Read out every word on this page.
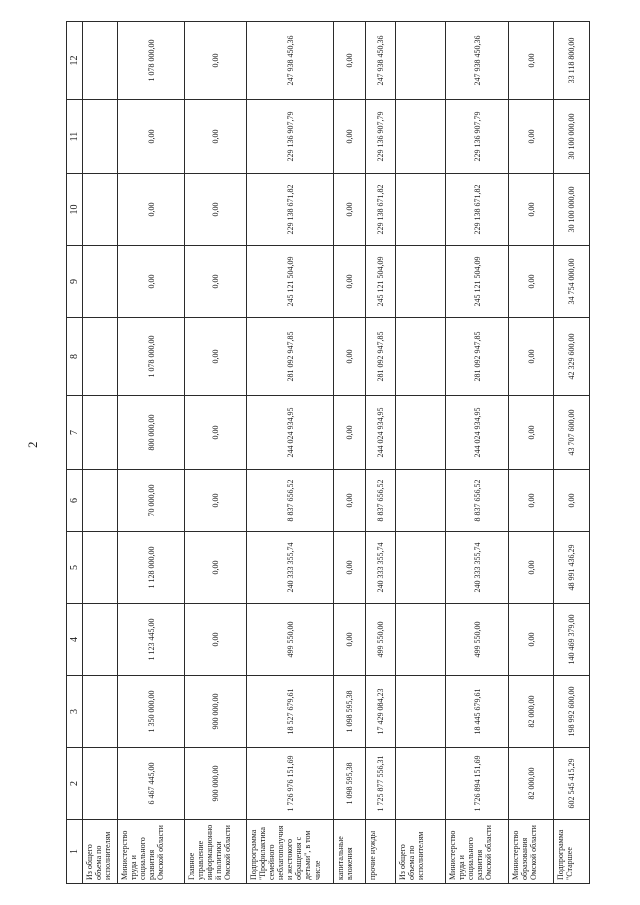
2
1	2	3	4	5	6	7	8	9	10	11	12
Из общего объема по исполнителям											
Министерство труда и социального развития Омской области	6 467 445,00	1 350 000,00	1 123 445,00	1 128 000,00	70 000,00	800 000,00	1 078 000,00	0,00	0,00	0,00	1 078 000,00
Главное управление информационной политики Омской области	900 000,00	900 000,00	0,00	0,00	0,00	0,00	0,00	0,00	0,00	0,00	0,00
Подпрограмма "Профилактика семейного неблагополучия и жестокого обращения с детьми", в том числе	1 726 976 151,69	18 527 679,61	499 550,00	240 333 355,74	8 837 656,52	244 024 934,95	281 092 947,85	245 121 504,09	229 138 671,82	229 136 907,79	247 938 450,36
капитальные вложения	1 098 595,38	1 098 595,38	0,00	0,00	0,00	0,00	0,00	0,00	0,00	0,00	0,00
прочие нужды	1 725 877 556,31	17 429 084,23	499 550,00	240 333 355,74	8 837 656,52	244 024 934,95	281 092 947,85	245 121 504,09	229 138 671,82	229 136 907,79	247 938 450,36
Из общего объема по исполнителям											
Министерство труда и социального развития Омской области	1 726 894 151,69	18 445 679,61	499 550,00	240 333 355,74	8 837 656,52	244 024 934,95	281 092 947,85	245 121 504,09	229 138 671,82	229 136 907,79	247 938 450,36
Министерство образования Омской области	82 000,00	82 000,00	0,00	0,00	0,00	0,00	0,00	0,00	0,00	0,00	0,00
Подпрограмма "Старшее	602 545 415,29	198 992 600,00	140 469 379,00	48 991 436,29	0,00	43 707 600,00	42 329 600,00	34 754 000,00	30 100 000,00	30 100 000,00	33 118 800,00
